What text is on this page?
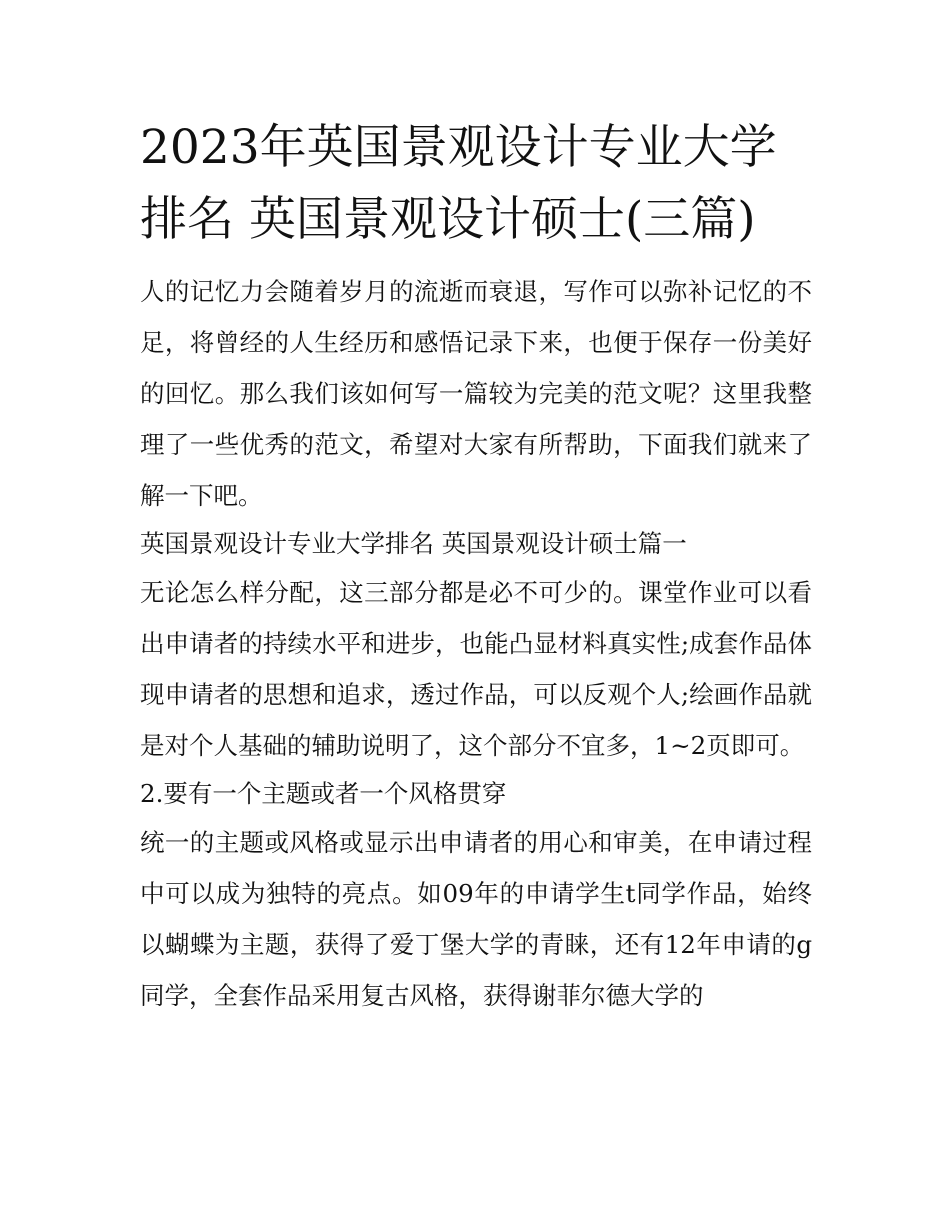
2023年英国景观设计专业大学排名 英国景观设计硕士(三篇)

人的记忆力会随着岁月的流逝而衰退，写作可以弥补记忆的不足，将曾经的人生经历和感悟记录下来，也便于保存一份美好的回忆。那么我们该如何写一篇较为完美的范文呢？这里我整理了一些优秀的范文，希望对大家有所帮助，下面我们就来了解一下吧。

英国景观设计专业大学排名 英国景观设计硕士篇一

无论怎么样分配，这三部分都是必不可少的。课堂作业可以看出申请者的持续水平和进步，也能凸显材料真实性;成套作品体现申请者的思想和追求，透过作品，可以反观个人;绘画作品就是对个人基础的辅助说明了，这个部分不宜多，1~2页即可。

2.要有一个主题或者一个风格贯穿

统一的主题或风格或显示出申请者的用心和审美，在申请过程中可以成为独特的亮点。如09年的申请学生t同学作品，始终以蝴蝶为主题，获得了爱丁堡大学的青睐，还有12年申请的g同学，全套作品采用复古风格，获得谢菲尔德大学的
